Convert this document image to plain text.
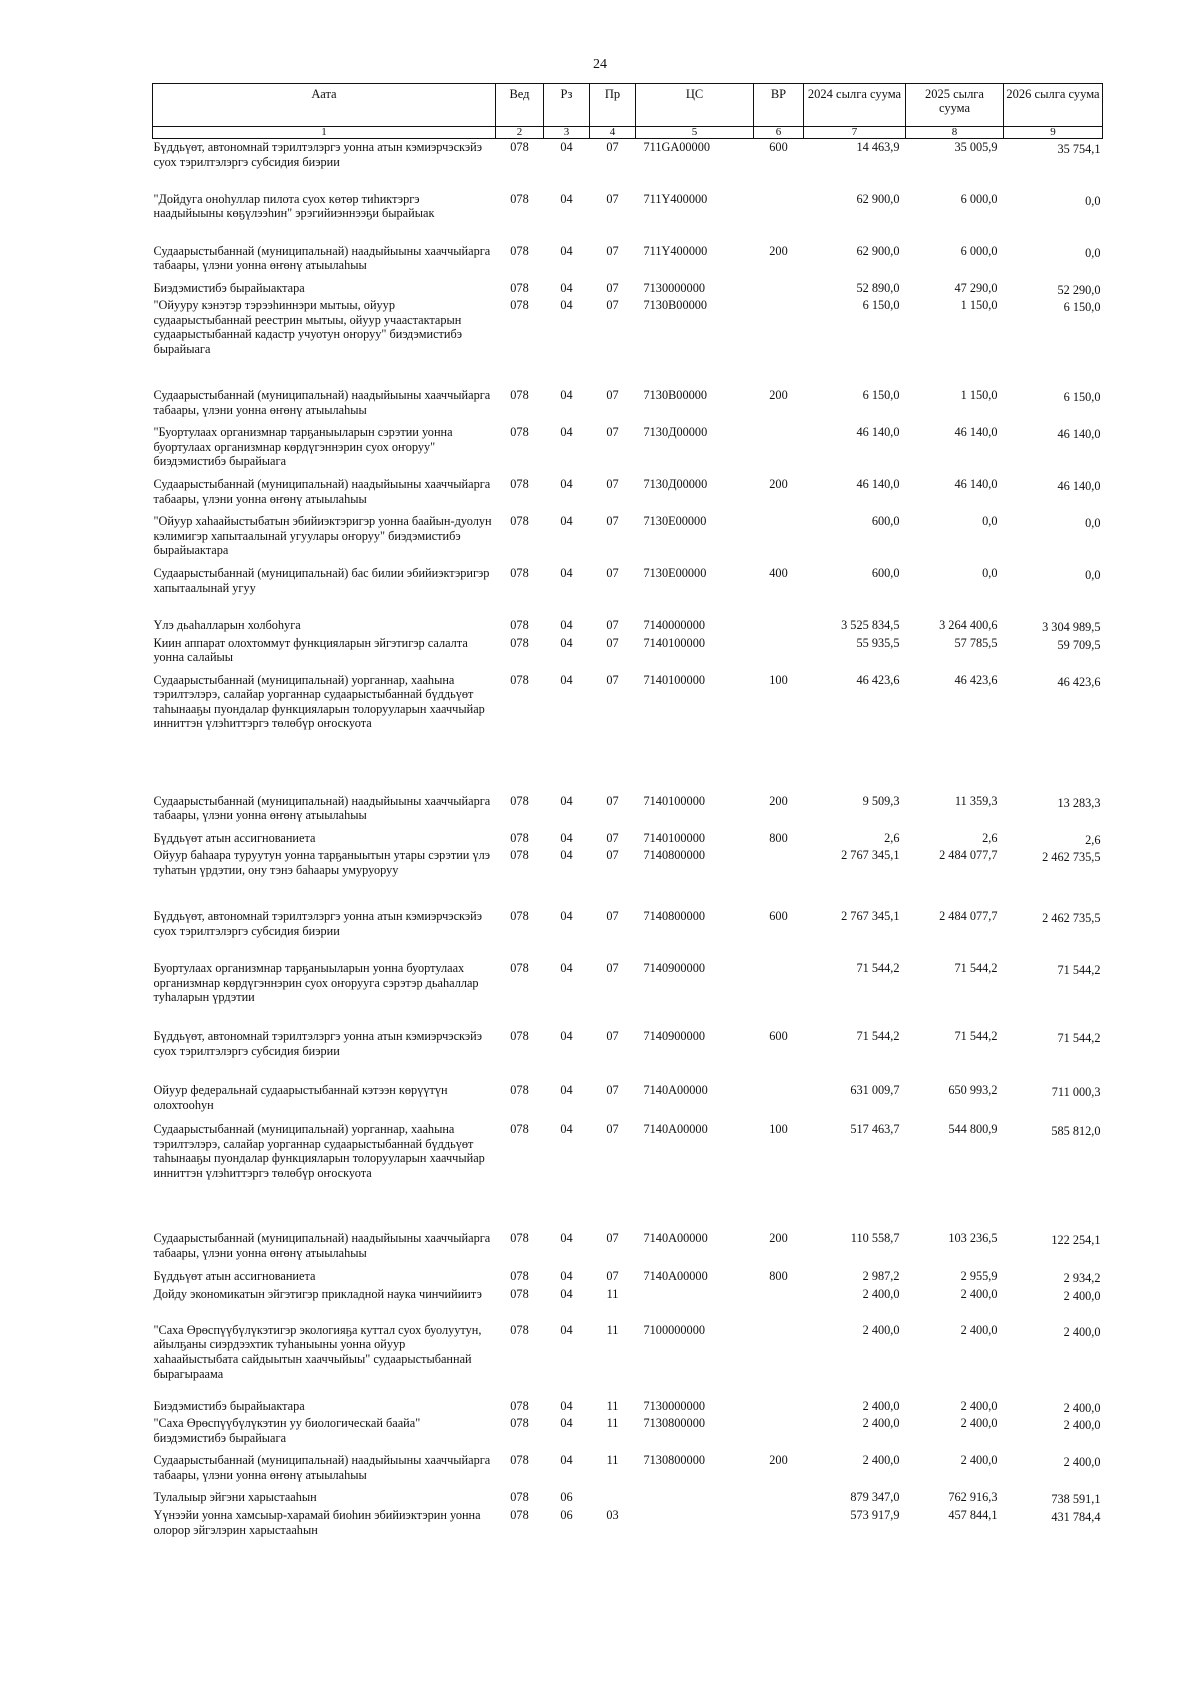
24
Аата	Вед	Рз	Пр	ЦС	ВР	2024 сылга суума	2025 сылга суума	2026 сылга суума
1	2	3	4	5	6	7	8	9
Бүддьүөт, автономнай тэрилтэлэргэ уонна атын кэмиэрчэскэйэ суох тэрилтэлэргэ субсидия биэрии	078	04	07	711GA00000	600	14 463,9	35 005,9	35 754,1
"Дойдуга оноһуллар пилота суох көтөр тиһиктэргэ наадыйыыны көҕүлээһин" эрэгийиэннээҕи бырайыак	078	04	07	711Y400000		62 900,0	6 000,0	0,0
Судаарыстыбаннай (муниципальнай) наадыйыыны хааччыйарга табаары, үлэни уонна өҥөнү атыылаһыы	078	04	07	711Y400000	200	62 900,0	6 000,0	0,0
Биэдэмистибэ бырайыактара	078	04	07	7130000000		52 890,0	47 290,0	52 290,0
"Ойуурy кэнэтэр тэрээһиннэри мытыы, ойуур судаарыстыбаннай реестрин мытыы, ойуур учаастактарын судаарыстыбаннай кадастр учуотун оҥоруу" биэдэмистибэ бырайыага	078	04	07	7130В00000		6 150,0	1 150,0	6 150,0
Судаарыстыбаннай (муниципальнай) наадыйыыны хааччыйарга табаары, үлэни уонна өҥөнү атыылаһыы	078	04	07	7130В00000	200	6 150,0	1 150,0	6 150,0
"Буортулаах организмнар тарҕаныыларын сэрэтии уонна буортулаах организмнар көрдүгэннэрин суох оҥоруу" биэдэмистибэ бырайыага	078	04	07	7130Д00000		46 140,0	46 140,0	46 140,0
Судаарыстыбаннай (муниципальнай) наадыйыыны хааччыйарга табаары, үлэни уонна өҥөнү атыылаһыы	078	04	07	7130Д00000	200	46 140,0	46 140,0	46 140,0
"Ойуур хаһаайыстыбатын эбийиэктэригэр уонна баайын-дуолун кэлимигэр хапытаалынай угуулары оҥоруу" биэдэмистибэ бырайыактара	078	04	07	7130Е00000		600,0	0,0	0,0
Судаарыстыбаннай (муниципальнай) бас билии эбийиэктэригэр хапытаалынай угуу	078	04	07	7130Е00000	400	600,0	0,0	0,0
Үлэ дьаһалларын холбоһуга	078	04	07	7140000000		3 525 834,5	3 264 400,6	3 304 989,5
Киин аппарат олохтоммут функцияларын эйгэтигэр салалта уонна салайыы	078	04	07	7140100000		55 935,5	57 785,5	59 709,5
Судаарыстыбаннай (муниципальнай) уорганнар, хааһына тэрилтэлэрэ, салайар уорганнар судаарыстыбаннай бүддьүөт таһынааҕы пуондалар функцияларын толорууларын хааччыйар инниттэн үлэһиттэргэ төлөбүр оҥоскуота	078	04	07	7140100000	100	46 423,6	46 423,6	46 423,6
Судаарыстыбаннай (муниципальнай) наадыйыыны хааччыйарга табаары, үлэни уонна өҥөнү атыылаһыы	078	04	07	7140100000	200	9 509,3	11 359,3	13 283,3
Бүддьүөт атын ассигнованиета	078	04	07	7140100000	800	2,6	2,6	2,6
Ойуур баһаара туруутун уонна тарҕаныытын утары сэрэтии үлэ туһатын үрдэтии, ону тэнэ баһаары умуруоруу	078	04	07	7140800000		2 767 345,1	2 484 077,7	2 462 735,5
Бүддьүөт, автономнай тэрилтэлэргэ уонна атын кэмиэрчэскэйэ суох тэрилтэлэргэ субсидия биэрии	078	04	07	7140800000	600	2 767 345,1	2 484 077,7	2 462 735,5
Буортулаах организмнар тарҕаныыларын уонна буортулаах организмнар көрдүгэннэрин суох оҥорууга сэрэтэр дьаһаллар туһаларын үрдэтии	078	04	07	7140900000		71 544,2	71 544,2	71 544,2
Бүддьүөт, автономнай тэрилтэлэргэ уонна атын кэмиэрчэскэйэ суох тэрилтэлэргэ субсидия биэрии	078	04	07	7140900000	600	71 544,2	71 544,2	71 544,2
Ойуур федеральнай судаарыстыбаннай кэтээн көрүүтүн олохтооһун	078	04	07	7140А00000		631 009,7	650 993,2	711 000,3
Судаарыстыбаннай (муниципальнай) уорганнар, хааһына тэрилтэлэрэ, салайар уорганнар судаарыстыбаннай бүддьүөт таһынааҕы пуондалар функцияларын толорууларын хааччыйар инниттэн үлэһиттэргэ төлөбүр оҥоскуота	078	04	07	7140А00000	100	517 463,7	544 800,9	585 812,0
Судаарыстыбаннай (муниципальнай) наадыйыыны хааччыйарга табаары, үлэни уонна өҥөнү атыылаһыы	078	04	07	7140А00000	200	110 558,7	103 236,5	122 254,1
Бүддьүөт атын ассигнованиета	078	04	07	7140А00000	800	2 987,2	2 955,9	2 934,2
Дойду экономикатын эйгэтигэр прикладной наука чинчийиитэ	078	04	11			2 400,0	2 400,0	2 400,0
"Саха Өрөспүүбүлүкэтигэр экологияҕа куттал суох буолуутун, айылҕаны сиэрдээхтик туһаныыны уонна ойуур хаһаайыстыбата сайдыытын хааччыйыы" судаарыстыбаннай бырагыраама	078	04	11	7100000000		2 400,0	2 400,0	2 400,0
Биэдэмистибэ бырайыактара	078	04	11	7130000000		2 400,0	2 400,0	2 400,0
"Саха Өрөспүүбүлүкэтин уу биологическай баайа" биэдэмистибэ бырайыага	078	04	11	7130800000		2 400,0	2 400,0	2 400,0
Судаарыстыбаннай (муниципальнай) наадыйыыны хааччыйарга табаары, үлэни уонна өҥөнү атыылаһыы	078	04	11	7130800000	200	2 400,0	2 400,0	2 400,0
Тулалыыр эйгэни харыстааһын	078	06				879 347,0	762 916,3	738 591,1
Үүнээйи уонна хамсыыр-харамай биоһин эбийиэктэрин уонна олорор эйгэлэрин харыстааһын	078	06	03			573 917,9	457 844,1	431 784,4
